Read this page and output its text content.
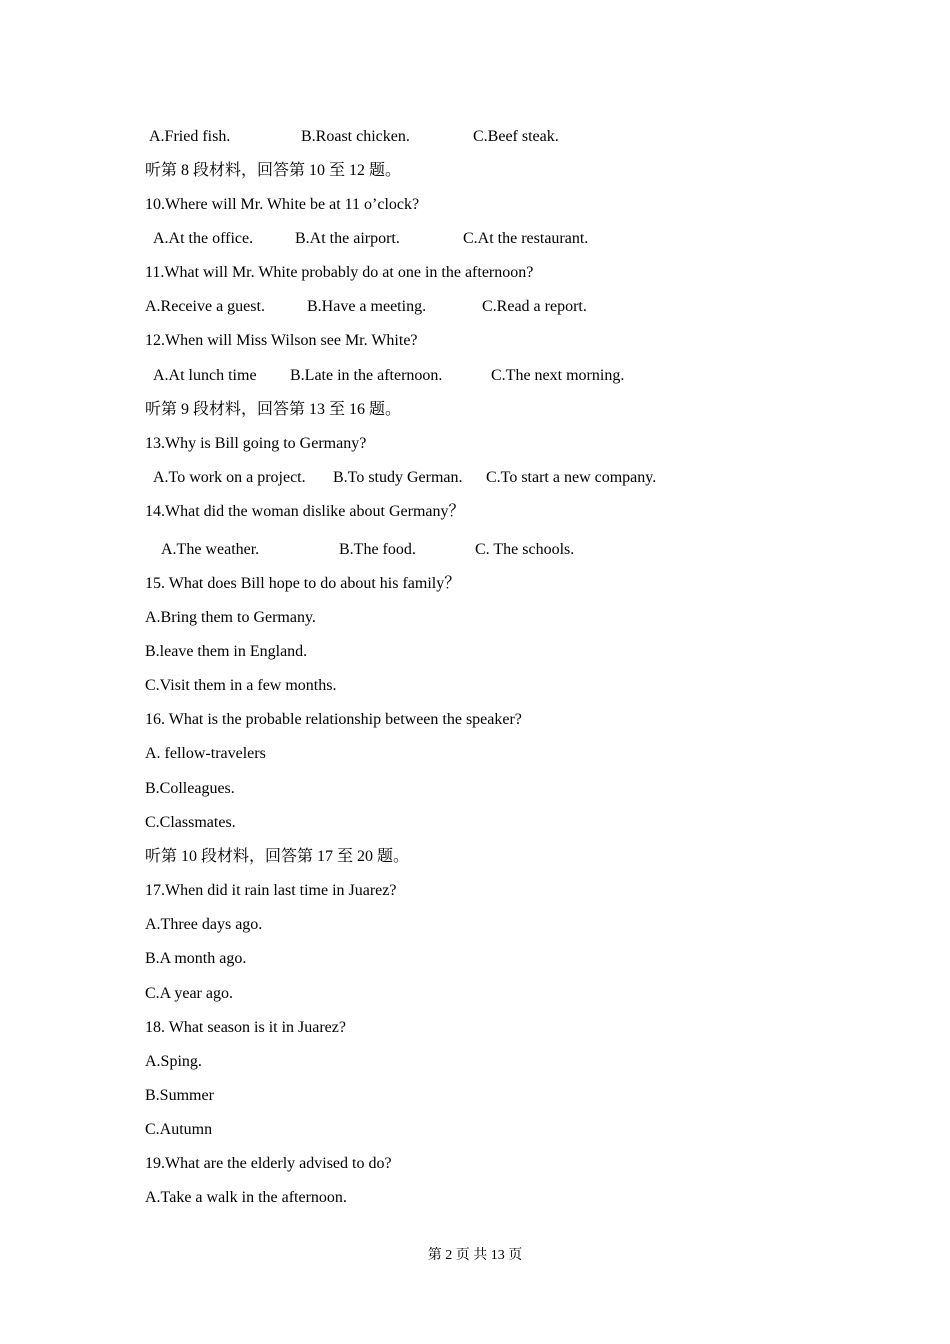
A.Fried fish.	B.Roast chicken.	C.Beef steak.
听第 8 段材料，回答第 10 至 12 题。
10.Where will Mr. White be at 11 o’clock?
A.At the office.	B.At the airport.	C.At the restaurant.
11.What will Mr. White probably do at one in the afternoon?
A.Receive a guest.	B.Have a meeting.	C.Read a report.
12.When will Miss Wilson see Mr. White?
A.At lunch time B.Late in the afternoon.	C.The next morning.
听第 9 段材料，回答第 13 至 16 题。
13.Why is Bill going to Germany?
A.To work on a project. B.To study German. C.To start a new company.
14.What did the woman dislike about Germany？
A.The weather.	B.The food.	C. The schools.
15. What does Bill hope to do about his family？
A.Bring them to Germany.
B.leave them in England.
C.Visit them in a few months.
16. What is the probable relationship between the speaker?
A. fellow-travelers
B.Colleagues.
C.Classmates.
听第 10 段材料，回答第 17 至 20 题。
17.When did it rain last time in Juarez?
A.Three days ago.
B.A month ago.
C.A year ago.
18. What season is it in Juarez?
A.Sping.
B.Summer
C.Autumn
19.What are the elderly advised to do?
A.Take a walk in the afternoon.
第 2 页 共 13 页
